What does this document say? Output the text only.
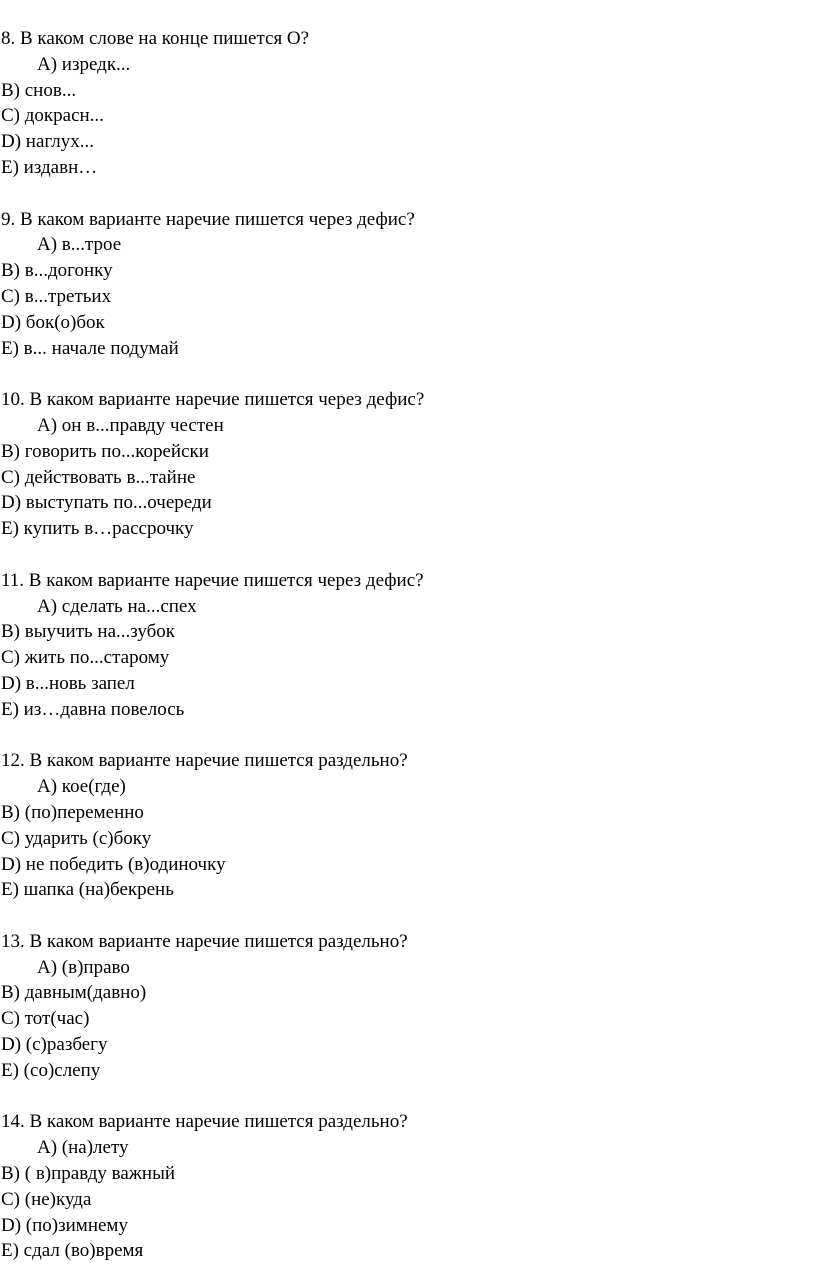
8. В каком слове на конце пишется О?
А) изредк...
B) снов...
C) докрасн...
D) наглух...
E) издавн…
9. В каком варианте наречие пишется через дефис?
А) в...трое
B) в...догонку
C) в...третьих
D) бок(о)бок
E) в... начале подумай
10. В каком варианте наречие пишется через дефис?
А) он в...правду честен
B) говорить по...корейски
C) действовать в...тайне
D) выступать по...очереди
E) купить в…рассрочку
11. В каком варианте наречие пишется через дефис?
А) сделать на...спех
B) выучить на...зубок
C) жить по...старому
D) в...новь запел
E) из…давна повелось
12. В каком варианте наречие пишется раздельно?
А) кое(где)
B) (по)переменно
C) ударить (с)боку
D) не победить (в)одиночку
E) шапка (на)бекрень
13. В каком варианте наречие пишется раздельно?
А) (в)право
B) давным(давно)
C) тот(час)
D) (с)разбегу
E) (со)слепу
14. В каком варианте наречие пишется раздельно?
А) (на)лету
B) ( в)правду важный
C) (не)куда
D) (по)зимнему
E) сдал (во)время
